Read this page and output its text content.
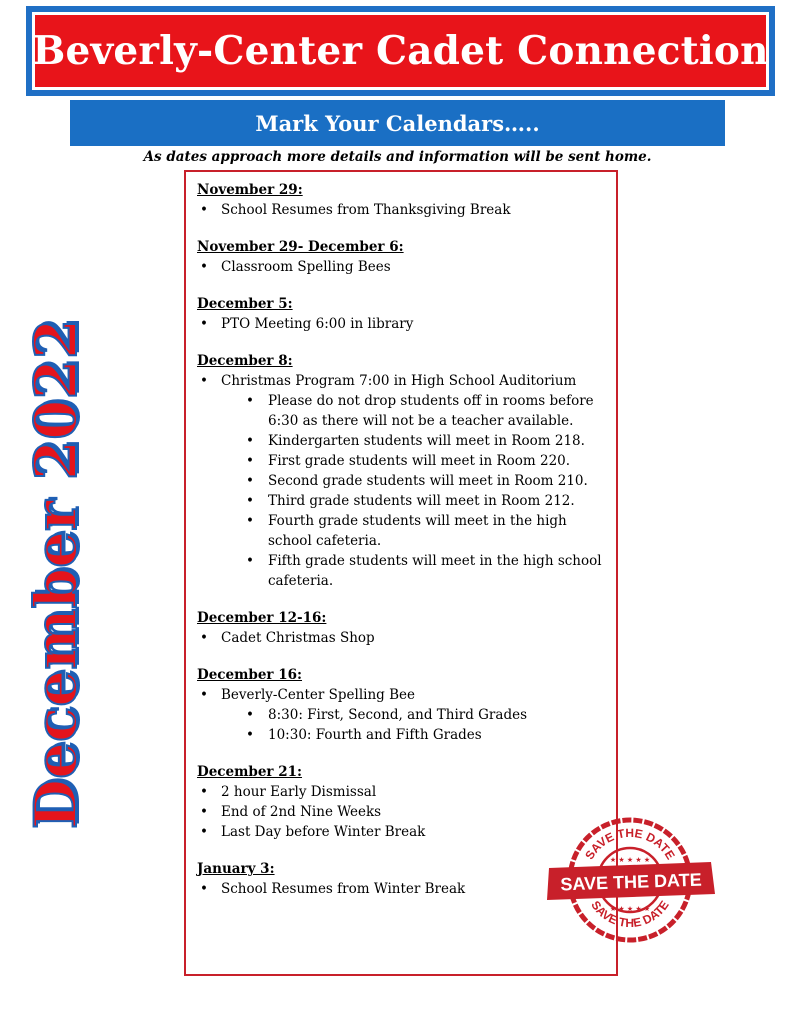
Beverly-Center Cadet Connection
Mark Your Calendars…..
As dates approach more details and information will be sent home.
December 2022
November 29:
• School Resumes from Thanksgiving Break
November 29- December 6:
• Classroom Spelling Bees
December 5:
• PTO Meeting 6:00 in library
December 8:
• Christmas Program 7:00 in High School Auditorium
• Please do not drop students off in rooms before 6:30 as there will not be a teacher available.
• Kindergarten students will meet in Room 218.
• First grade students will meet in Room 220.
• Second grade students will meet in Room 210.
• Third grade students will meet in Room 212.
• Fourth grade students will meet in the high school cafeteria.
• Fifth grade students will meet in the high school cafeteria.
December 12-16:
• Cadet Christmas Shop
December 16:
• Beverly-Center Spelling Bee
• 8:30: First, Second, and Third Grades
• 10:30: Fourth and Fifth Grades
December 21:
• 2 hour Early Dismissal
• End of 2nd Nine Weeks
• Last Day before Winter Break
January 3:
• School Resumes from Winter Break
SAVE THE DATE
SAVE THE DATE
SAVE THE DATE
★ ★ ★ ★ ★
★ ★ ★ ★ ★
